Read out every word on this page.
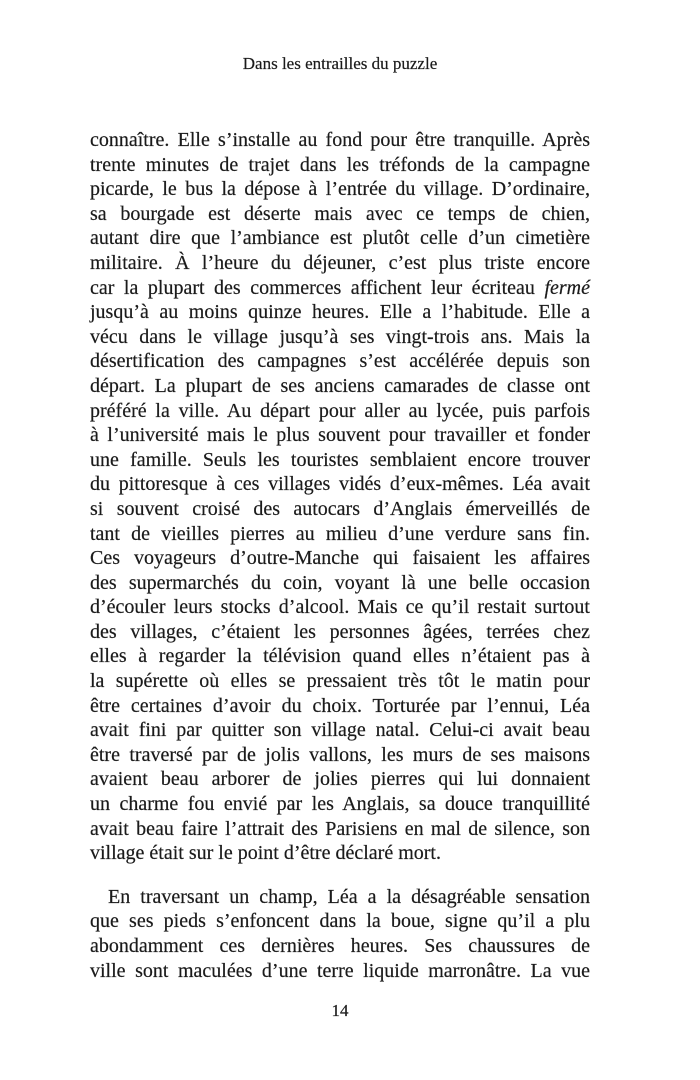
Dans les entrailles du puzzle
connaître. Elle s’installe au fond pour être tranquille. Après
trente minutes de trajet dans les tréfonds de la campagne
picarde, le bus la dépose à l’entrée du village. D’ordinaire,
sa bourgade est déserte mais avec ce temps de chien,
autant dire que l’ambiance est plutôt celle d’un cimetière
militaire. À l’heure du déjeuner, c’est plus triste encore
car la plupart des commerces affichent leur écriteau fermé
jusqu’à au moins quinze heures. Elle a l’habitude. Elle a
vécu dans le village jusqu’à ses vingt-trois ans. Mais la
désertification des campagnes s’est accélérée depuis son
départ. La plupart de ses anciens camarades de classe ont
préféré la ville. Au départ pour aller au lycée, puis parfois
à l’université mais le plus souvent pour travailler et fonder
une famille. Seuls les touristes semblaient encore trouver
du pittoresque à ces villages vidés d’eux-mêmes. Léa avait
si souvent croisé des autocars d’Anglais émerveillés de
tant de vieilles pierres au milieu d’une verdure sans fin.
Ces voyageurs d’outre-Manche qui faisaient les affaires
des supermarchés du coin, voyant là une belle occasion
d’écouler leurs stocks d’alcool. Mais ce qu’il restait surtout
des villages, c’étaient les personnes âgées, terrées chez
elles à regarder la télévision quand elles n’étaient pas à
la supérette où elles se pressaient très tôt le matin pour
être certaines d’avoir du choix. Torturée par l’ennui, Léa
avait fini par quitter son village natal. Celui-ci avait beau
être traversé par de jolis vallons, les murs de ses maisons
avaient beau arborer de jolies pierres qui lui donnaient
un charme fou envié par les Anglais, sa douce tranquillité
avait beau faire l’attrait des Parisiens en mal de silence, son
village était sur le point d’être déclaré mort.
En traversant un champ, Léa a la désagréable sensation
que ses pieds s’enfoncent dans la boue, signe qu’il a plu
abondamment ces dernières heures. Ses chaussures de
ville sont maculées d’une terre liquide marronâtre. La vue
14
